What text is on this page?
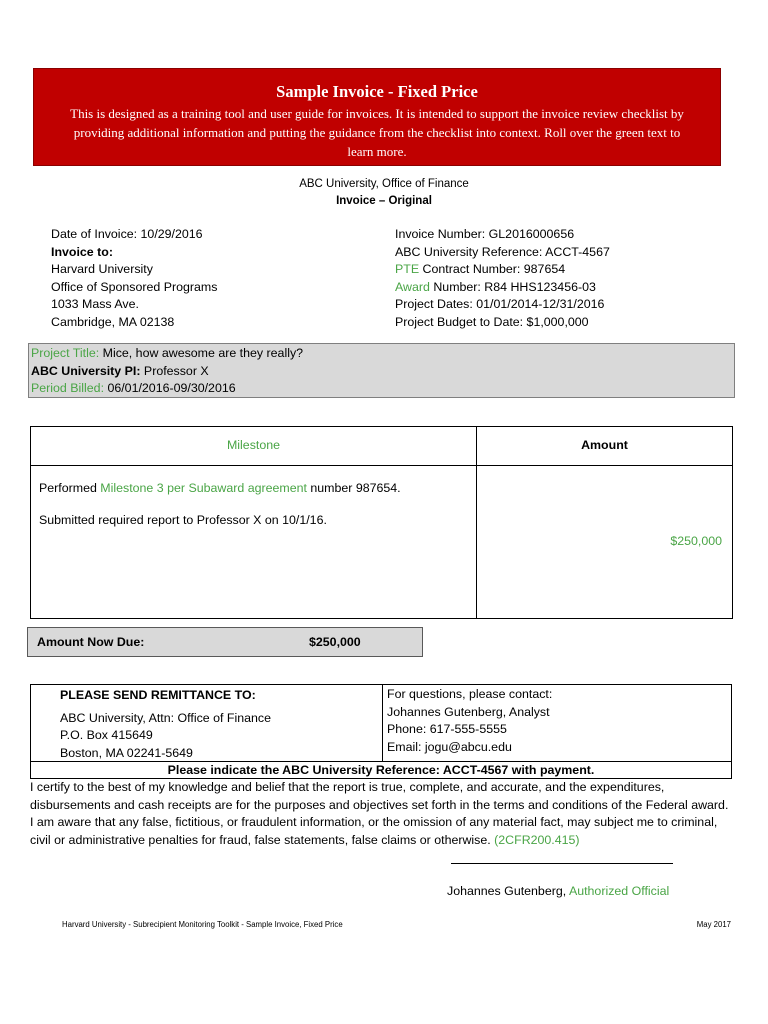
Sample Invoice - Fixed Price
This is designed as a training tool and user guide for invoices. It is intended to support the invoice review checklist by providing additional information and putting the guidance from the checklist into context. Roll over the green text to learn more.
ABC University, Office of Finance
Invoice – Original
Date of Invoice: 10/29/2016
Invoice to:
Harvard University
Office of Sponsored Programs
1033 Mass Ave.
Cambridge, MA 02138
Invoice Number: GL2016000656
ABC University Reference: ACCT-4567
PTE Contract Number: 987654
Award Number: R84 HHS123456-03
Project Dates: 01/01/2014-12/31/2016
Project Budget to Date: $1,000,000
Project Title: Mice, how awesome are they really?
ABC University PI: Professor X
Period Billed: 06/01/2016-09/30/2016
Milestone	Amount

Performed Milestone 3 per Subaward agreement number 987654.

Submitted required report to Professor X on 10/1/16.	$250,000
Amount Now Due:	$250,000
PLEASE SEND REMITTANCE TO:
ABC University, Attn: Office of Finance
P.O. Box 415649
Boston, MA 02241-5649
For questions, please contact:
Johannes Gutenberg, Analyst
Phone: 617-555-5555
Email: jogu@abcu.edu
Please indicate the ABC University Reference: ACCT-4567 with payment.
I certify to the best of my knowledge and belief that the report is true, complete, and accurate, and the expenditures, disbursements and cash receipts are for the purposes and objectives set forth in the terms and conditions of the Federal award. I am aware that any false, fictitious, or fraudulent information, or the omission of any material fact, may subject me to criminal, civil or administrative penalties for fraud, false statements, false claims or otherwise. (2CFR200.415)
Johannes Gutenberg, Authorized Official
Harvard University - Subrecipient Monitoring Toolkit - Sample Invoice, Fixed Price	May 2017
